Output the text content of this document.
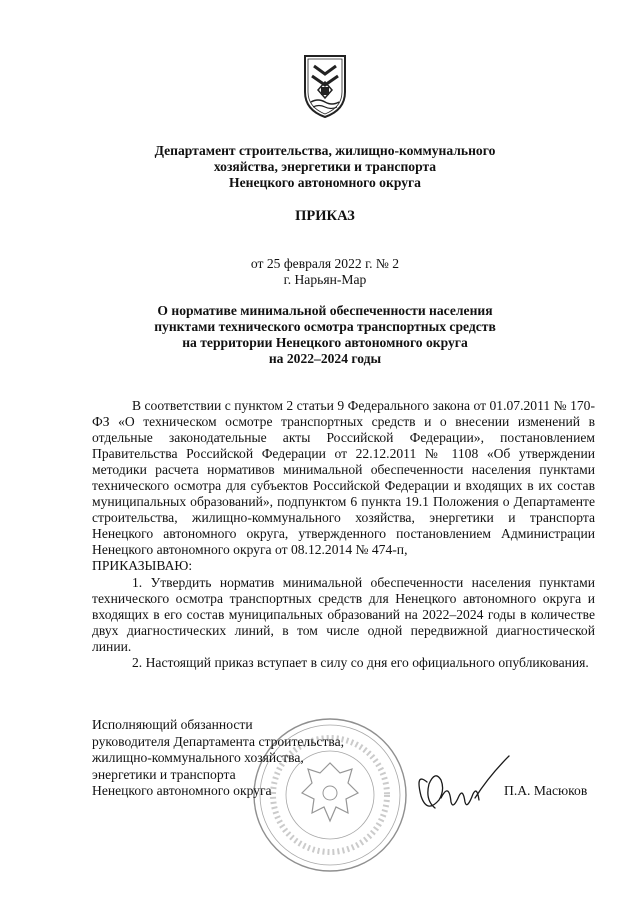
Департамент строительства, жилищно-коммунального
хозяйства, энергетики и транспорта
Ненецкого автономного округа
ПРИКАЗ
от 25 февраля 2022 г. № 2
г. Нарьян-Мар
О нормативе минимальной обеспеченности населения
пунктами технического осмотра транспортных средств
на территории Ненецкого автономного округа
на 2022–2024 годы

В соответствии с пунктом 2 статьи 9 Федерального закона от 01.07.2011 № 170-ФЗ «О техническом осмотре транспортных средств и о внесении изменений в отдельные законодательные акты Российской Федерации», постановлением Правительства Российской Федерации от 22.12.2011 № 1108 «Об утверждении методики расчета нормативов минимальной обеспеченности населения пунктами технического осмотра для субъектов Российской Федерации и входящих в их состав муниципальных образований», подпунктом 6 пункта 19.1 Положения о Департаменте строительства, жилищно-коммунального хозяйства, энергетики и транспорта Ненецкого автономного округа, утвержденного постановлением Администрации Ненецкого автономного округа от 08.12.2014 № 474-п,

ПРИКАЗЫВАЮ:

1. Утвердить норматив минимальной обеспеченности населения пунктами технического осмотра транспортных средств для Ненецкого автономного округа и входящих в его состав муниципальных образований на 2022–2024 годы в количестве двух диагностических линий, в том числе одной передвижной диагностической линии.

2. Настоящий приказ вступает в силу со дня его официального опубликования.

Исполняющий обязанности
руководителя Департамента строительства,
жилищно-коммунального хозяйства,
энергетики и транспорта
Ненецкого автономного округа	П.А. Масюков
